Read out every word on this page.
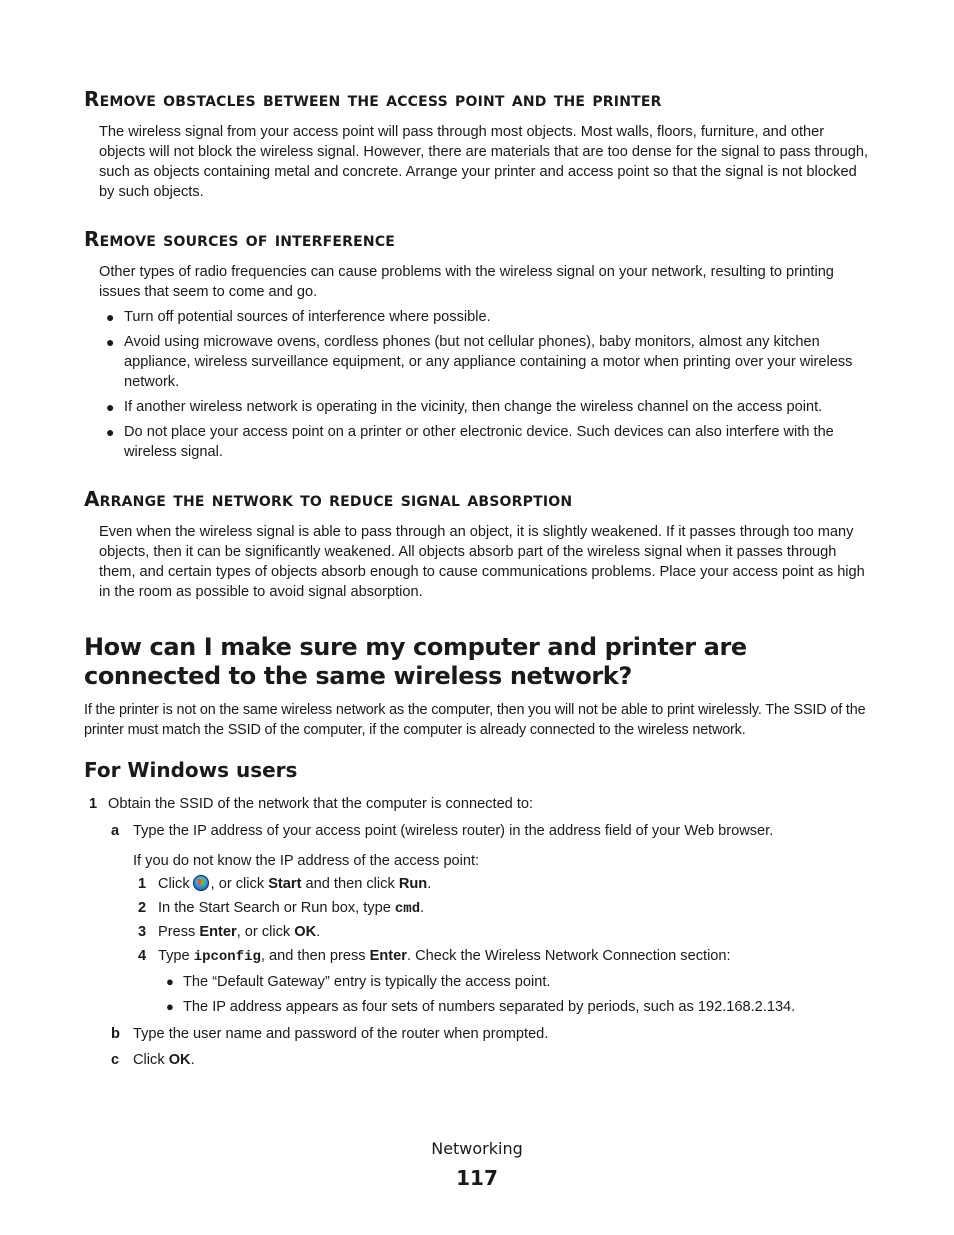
Remove obstacles between the access point and the printer

The wireless signal from your access point will pass through most objects. Most walls, floors, furniture, and other objects will not block the wireless signal. However, there are materials that are too dense for the signal to pass through, such as objects containing metal and concrete. Arrange your printer and access point so that the signal is not blocked by such objects.

Remove sources of interference

Other types of radio frequencies can cause problems with the wireless signal on your network, resulting to printing issues that seem to come and go.

● Turn off potential sources of interference where possible.
● Avoid using microwave ovens, cordless phones (but not cellular phones), baby monitors, almost any kitchen appliance, wireless surveillance equipment, or any appliance containing a motor when printing over your wireless network.
● If another wireless network is operating in the vicinity, then change the wireless channel on the access point.
● Do not place your access point on a printer or other electronic device. Such devices can also interfere with the wireless signal.
Arrange the network to reduce signal absorption

Even when the wireless signal is able to pass through an object, it is slightly weakened. If it passes through too many objects, then it can be significantly weakened. All objects absorb part of the wireless signal when it passes through them, and certain types of objects absorb enough to cause communications problems. Place your access point as high in the room as possible to avoid signal absorption.

How can I make sure my computer and printer are connected to the same wireless network?

If the printer is not on the same wireless network as the computer, then you will not be able to print wirelessly. The SSID of the printer must match the SSID of the computer, if the computer is already connected to the wireless network.

For Windows users
1 Obtain the SSID of the network that the computer is connected to:
a Type the IP address of your access point (wireless router) in the address field of your Web browser.
If you do not know the IP address of the access point:
1 Click , or click Start and then click Run.
2 In the Start Search or Run box, type cmd.
3 Press Enter, or click OK.
4 Type ipconfig, and then press Enter. Check the Wireless Network Connection section:
● The “Default Gateway” entry is typically the access point.
● The IP address appears as four sets of numbers separated by periods, such as 192.168.2.134.
b Type the user name and password of the router when prompted.
c Click OK.
Networking
117
